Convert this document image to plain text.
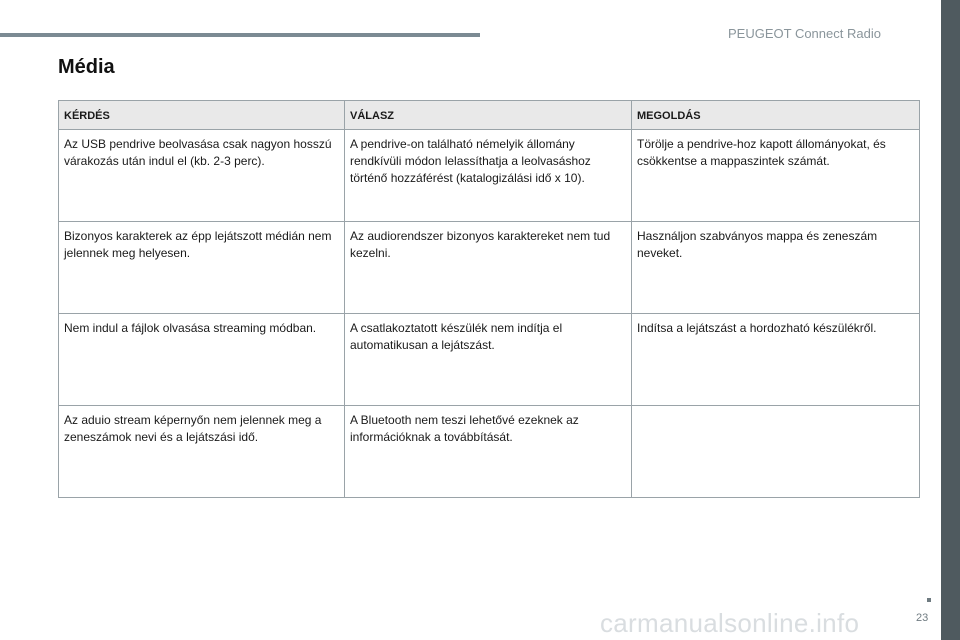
PEUGEOT Connect Radio
Média
KÉRDÉS	VÁLASZ	MEGOLDÁS
Az USB pendrive beolvasása csak nagyon hosszú várakozás után indul el (kb. 2-3 perc).	A pendrive-on található némelyik állomány rendkívüli módon lelassíthatja a leolvasáshoz történő hozzáférést (katalogizálási idő x 10).	Törölje a pendrive-hoz kapott állományokat, és csökkentse a mappaszintek számát.
Bizonyos karakterek az épp lejátszott médián nem jelennek meg helyesen.	Az audiorendszer bizonyos karaktereket nem tud kezelni.	Használjon szabványos mappa és zeneszám neveket.
Nem indul a fájlok olvasása streaming módban.	A csatlakoztatott készülék nem indítja el automatikusan a lejátszást.	Indítsa a lejátszást a hordozható készülékről.
Az aduio stream képernyőn nem jelennek meg a zeneszámok nevi és a lejátszási idő.	A Bluetooth nem teszi lehetővé ezeknek az információknak a továbbítását.	
carmanualsonline.info	23
